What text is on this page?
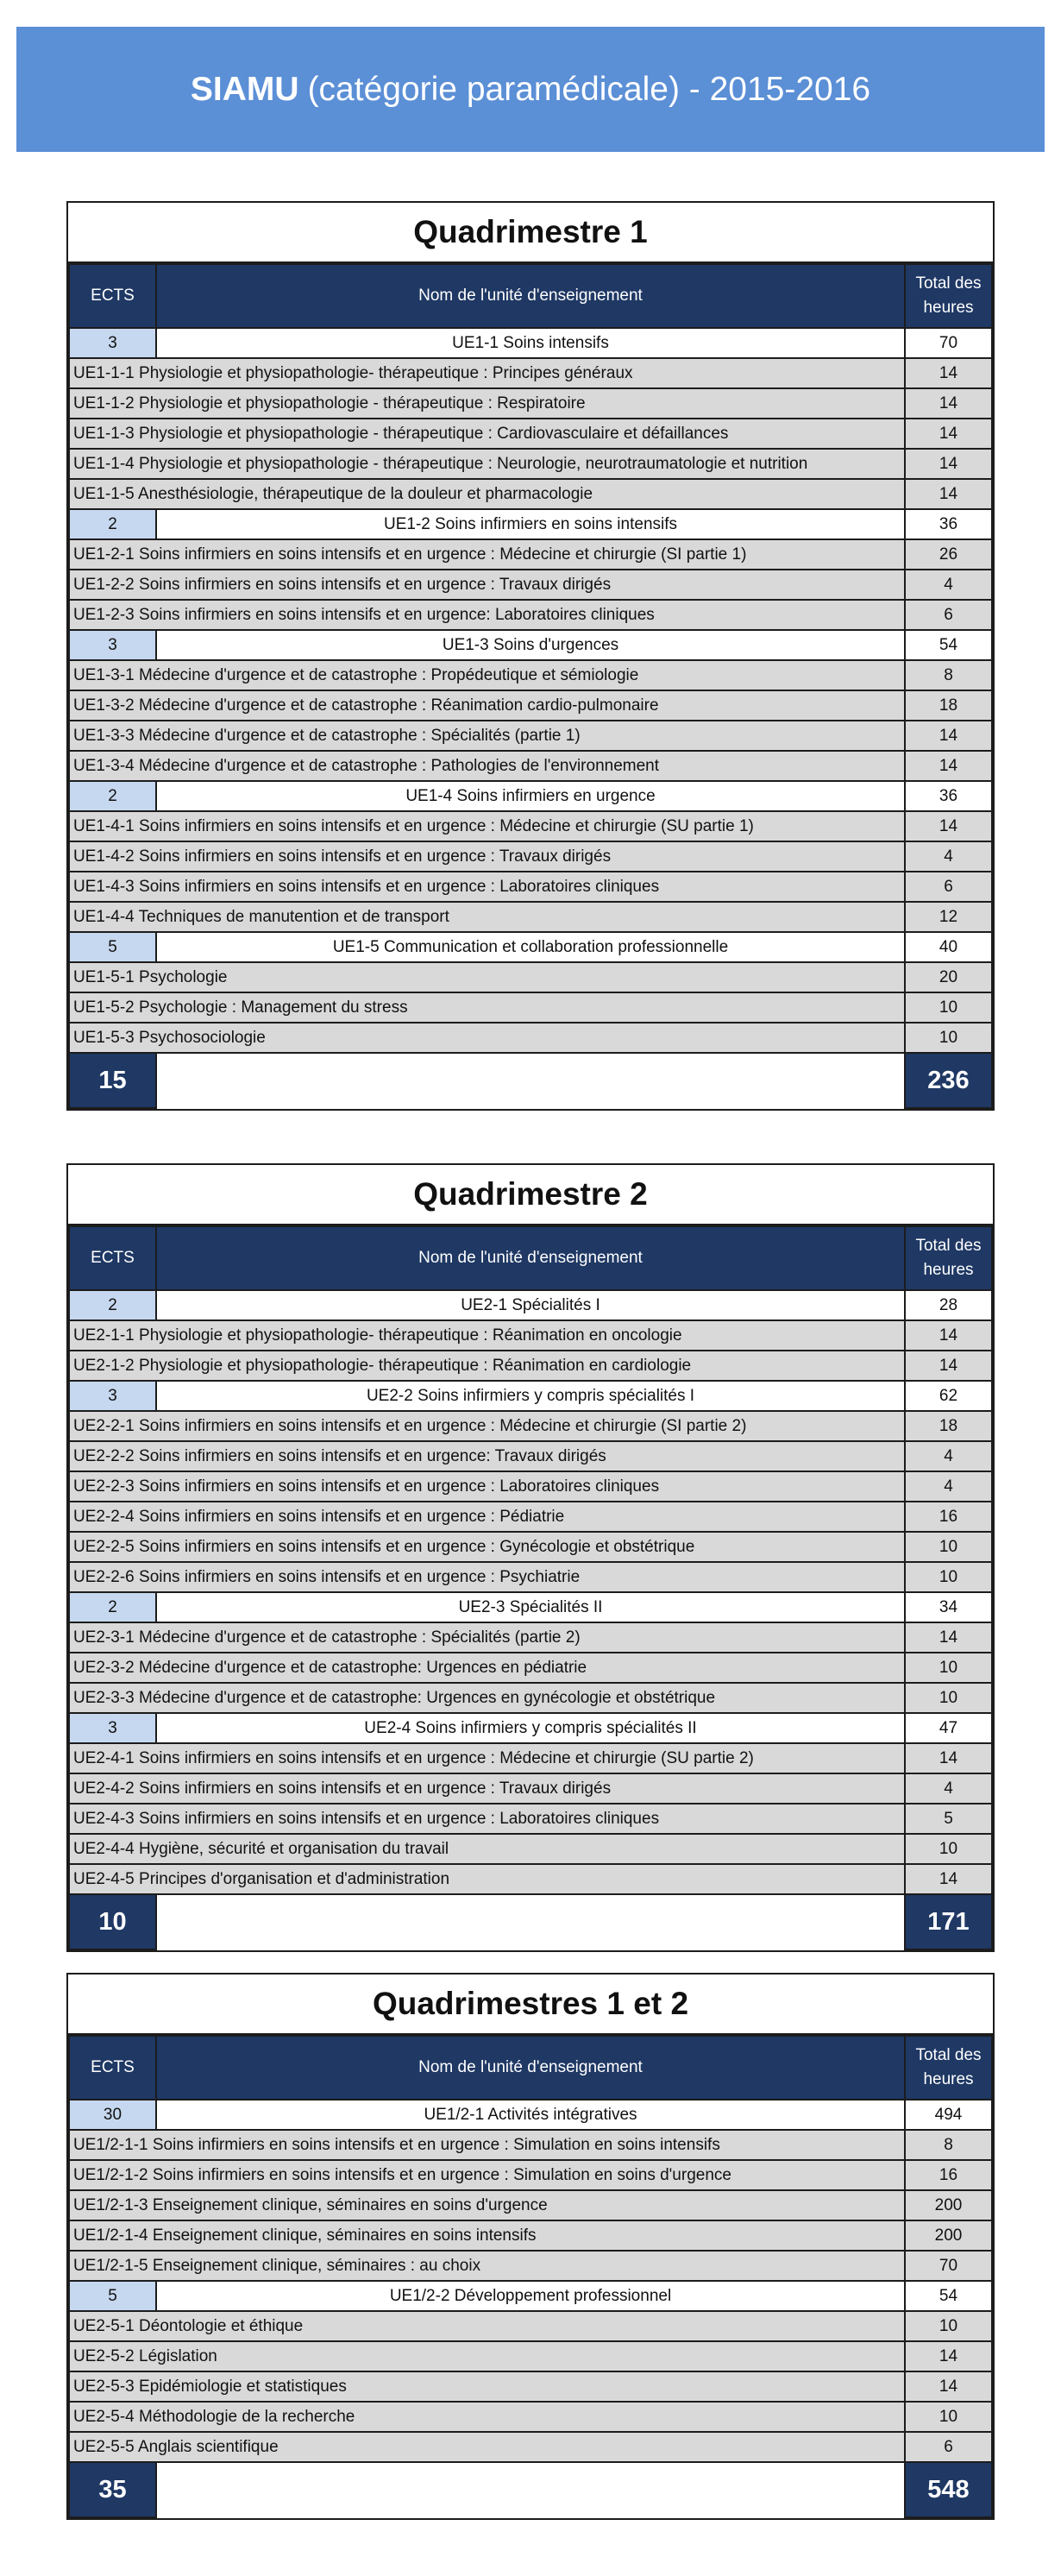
SIAMU (catégorie paramédicale) - 2015-2016
Quadrimestre 1
ECTS	Nom de l'unité d'enseignement	Total des
heures

3	UE1-1 Soins intensifs	70
UE1-1-1 Physiologie et physiopathologie- thérapeutique : Principes généraux		14
UE1-1-2 Physiologie et physiopathologie - thérapeutique : Respiratoire		14
UE1-1-3 Physiologie et physiopathologie - thérapeutique : Cardiovasculaire et défaillances		14
UE1-1-4 Physiologie et physiopathologie - thérapeutique : Neurologie, neurotraumatologie et nutrition		14
UE1-1-5 Anesthésiologie, thérapeutique de la douleur et pharmacologie		14
2	UE1-2 Soins infirmiers en soins intensifs	36
UE1-2-1 Soins infirmiers en soins intensifs et en urgence : Médecine et chirurgie (SI partie 1)		26
UE1-2-2 Soins infirmiers en soins intensifs et en urgence : Travaux dirigés		4
UE1-2-3 Soins infirmiers en soins intensifs et en urgence: Laboratoires cliniques		6
3	UE1-3 Soins d'urgences	54
UE1-3-1 Médecine d'urgence et de catastrophe : Propédeutique et sémiologie		8
UE1-3-2 Médecine d'urgence et de catastrophe : Réanimation cardio-pulmonaire		18
UE1-3-3 Médecine d'urgence et de catastrophe : Spécialités (partie 1)		14
UE1-3-4 Médecine d'urgence et de catastrophe : Pathologies de l'environnement		14
2	UE1-4 Soins infirmiers en urgence	36
UE1-4-1 Soins infirmiers en soins intensifs et en urgence : Médecine et chirurgie (SU partie 1)		14
UE1-4-2 Soins infirmiers en soins intensifs et en urgence : Travaux dirigés		4
UE1-4-3 Soins infirmiers en soins intensifs et en urgence : Laboratoires cliniques		6
UE1-4-4 Techniques de manutention et de transport		12
5	UE1-5 Communication et collaboration professionnelle	40
UE1-5-1 Psychologie		20
UE1-5-2 Psychologie : Management du stress		10
UE1-5-3 Psychosociologie		10
15		236
Quadrimestre 2
ECTS	Nom de l'unité d'enseignement	Total des
heures

2	UE2-1 Spécialités I	28
UE2-1-1 Physiologie et physiopathologie- thérapeutique : Réanimation en oncologie		14
UE2-1-2 Physiologie et physiopathologie- thérapeutique : Réanimation en cardiologie		14
3	UE2-2 Soins infirmiers y compris spécialités I	62
UE2-2-1 Soins infirmiers en soins intensifs et en urgence : Médecine et chirurgie (SI partie 2)		18
UE2-2-2 Soins infirmiers en soins intensifs et en urgence: Travaux dirigés		4
UE2-2-3 Soins infirmiers en soins intensifs et en urgence : Laboratoires cliniques		4
UE2-2-4 Soins infirmiers en soins intensifs et en urgence : Pédiatrie		16
UE2-2-5 Soins infirmiers en soins intensifs et en urgence : Gynécologie et obstétrique		10
UE2-2-6 Soins infirmiers en soins intensifs et en urgence : Psychiatrie		10
2	UE2-3 Spécialités II	34
UE2-3-1 Médecine d'urgence et de catastrophe : Spécialités (partie 2)		14
UE2-3-2 Médecine d'urgence et de catastrophe: Urgences en pédiatrie		10
UE2-3-3 Médecine d'urgence et de catastrophe: Urgences en gynécologie et obstétrique		10
3	UE2-4 Soins infirmiers y compris spécialités II	47
UE2-4-1 Soins infirmiers en soins intensifs et en urgence : Médecine et chirurgie (SU partie 2)		14
UE2-4-2 Soins infirmiers en soins intensifs et en urgence : Travaux dirigés		4
UE2-4-3 Soins infirmiers en soins intensifs et en urgence : Laboratoires cliniques		5
UE2-4-4 Hygiène, sécurité et organisation du travail		10
UE2-4-5 Principes d'organisation et d'administration		14
10		171
Quadrimestres 1 et 2
ECTS	Nom de l'unité d'enseignement	Total des
heures

30	UE1/2-1 Activités intégratives	494
UE1/2-1-1 Soins infirmiers en soins intensifs et en urgence : Simulation en soins intensifs		8
UE1/2-1-2 Soins infirmiers en soins intensifs et en urgence : Simulation en soins d'urgence		16
UE1/2-1-3 Enseignement clinique, séminaires en soins d'urgence		200
UE1/2-1-4 Enseignement clinique, séminaires en soins intensifs		200
UE1/2-1-5 Enseignement clinique, séminaires : au choix		70
5	UE1/2-2 Développement professionnel	54
UE2-5-1 Déontologie et éthique		10
UE2-5-2 Législation		14
UE2-5-3 Epidémiologie et statistiques		14
UE2-5-4 Méthodologie de la recherche		10
UE2-5-5 Anglais scientifique		6
35		548
